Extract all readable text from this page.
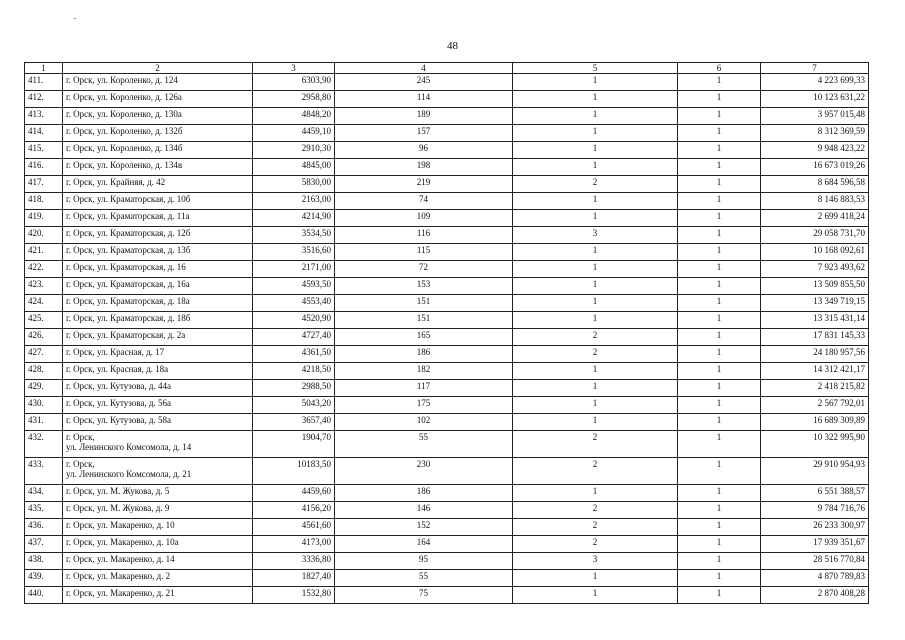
48
1	2	3	4	5	6	7
411.	г. Орск, ул. Короленко, д. 124	6303,90	245	1	1	4 223 699,33
412.	г. Орск, ул. Короленко, д. 126а	2958,80	114	1	1	10 123 631,22
413.	г. Орск, ул. Короленко, д. 130а	4848,20	189	1	1	3 957 015,48
414.	г. Орск, ул. Короленко, д. 132б	4459,10	157	1	1	8 312 369,59
415.	г. Орск, ул. Короленко, д. 134б	2910,30	96	1	1	9 948 423,22
416.	г. Орск, ул. Короленко, д. 134в	4845,00	198	1	1	16 673 019,26
417.	г. Орск, ул. Крайняя, д. 42	5830,00	219	2	1	8 684 596,58
418.	г. Орск, ул. Краматорская, д. 10б	2163,00	74	1	1	8 146 883,53
419.	г. Орск, ул. Краматорская, д. 11а	4214,90	109	1	1	2 699 418,24
420.	г. Орск, ул. Краматорская, д. 12б	3534,50	116	3	1	29 058 731,70
421.	г. Орск, ул. Краматорская, д. 13б	3516,60	115	1	1	10 168 092,61
422.	г. Орск, ул. Краматорская, д. 16	2171,00	72	1	1	7 923 493,62
423.	г. Орск, ул. Краматорская, д. 16а	4593,50	153	1	1	13 509 855,50
424.	г. Орск, ул. Краматорская, д. 18а	4553,40	151	1	1	13 349 719,15
425.	г. Орск, ул. Краматорская, д. 18б	4520,90	151	1	1	13 315 431,14
426.	г. Орск, ул. Краматорская, д. 2а	4727,40	165	2	1	17 831 145,33
427.	г. Орск, ул. Красная, д. 17	4361,50	186	2	1	24 180 957,56
428.	г. Орск, ул. Красная, д. 18а	4218,50	182	1	1	14 312 421,17
429.	г. Орск, ул. Кутузова, д. 44а	2988,50	117	1	1	2 418 215,82
430.	г. Орск, ул. Кутузова, д. 56а	5043,20	175	1	1	2 567 792,01
431.	г. Орск, ул. Кутузова, д. 58а	3657,40	102	1	1	16 689 309,89
432.	г. Орск,
ул. Ленинского Комсомола, д. 14	1904,70	55	2	1	10 322 995,90
433.	г. Орск,
ул. Ленинского Комсомола, д. 21	10183,50	230	2	1	29 910 954,93
434.	г. Орск, ул. М. Жукова, д. 5	4459,60	186	1	1	6 551 388,57
435.	г. Орск, ул. М. Жукова, д. 9	4156,20	146	2	1	9 784 716,76
436.	г. Орск, ул. Макаренко, д. 10	4561,60	152	2	1	26 233 300,97
437.	г. Орск, ул. Макаренко, д. 10а	4173,00	164	2	1	17 939 351,67
438.	г. Орск, ул. Макаренко, д. 14	3336,80	95	3	1	28 516 770,84
439.	г. Орск, ул. Макаренко, д. 2	1827,40	55	1	1	4 870 789,83
440.	г. Орск, ул. Макаренко, д. 21	1532,80	75	1	1	2 870 408,28
